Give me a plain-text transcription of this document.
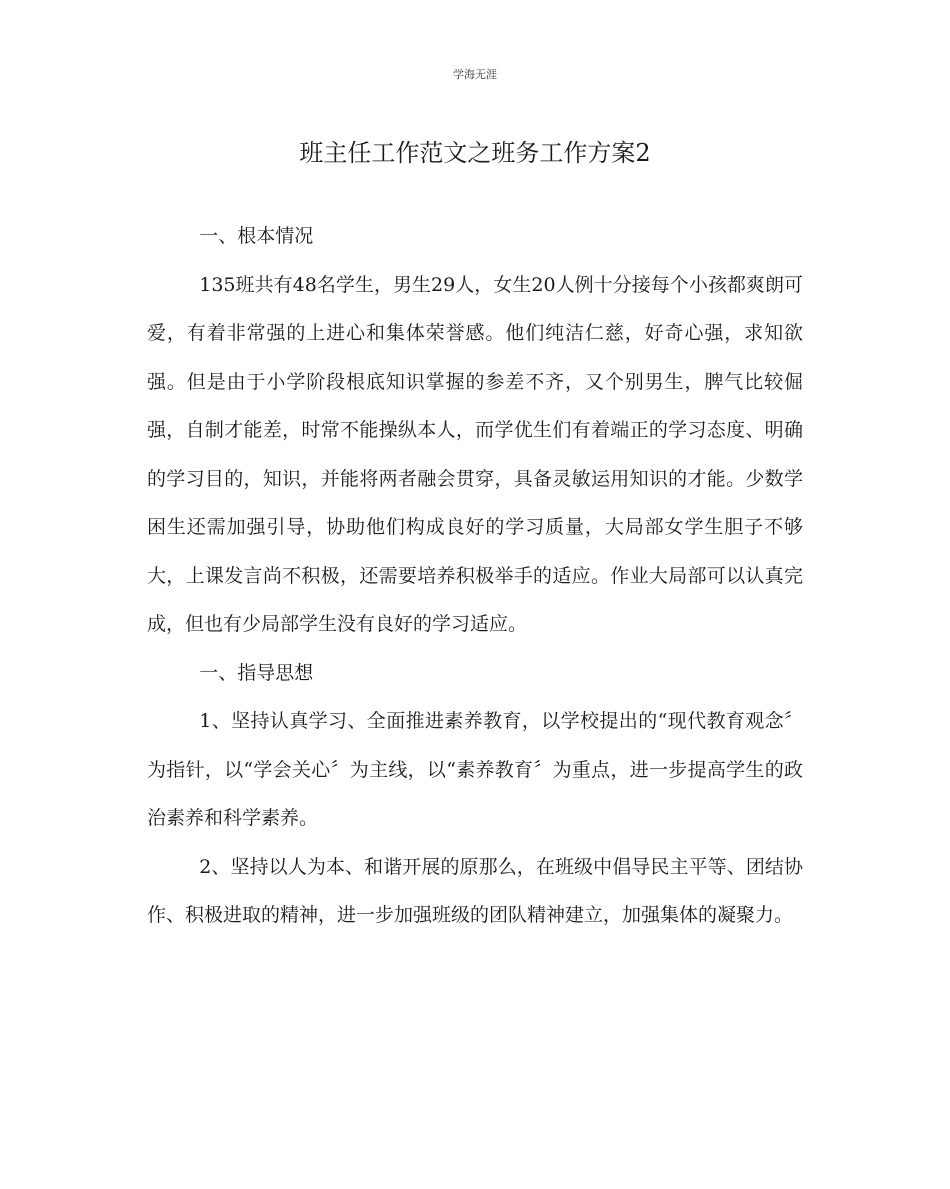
学海无涯
班主任工作范文之班务工作方案2

一、根本情况

135班共有48名学生，男生29人，女生20人例十分接每个小孩都爽朗可爱，有着非常强的上进心和集体荣誉感。他们纯洁仁慈，好奇心强，求知欲强。但是由于小学阶段根底知识掌握的参差不齐，又个别男生，脾气比较倔强，自制才能差，时常不能操纵本人，而学优生们有着端正的学习态度、明确的学习目的，知识，并能将两者融会贯穿，具备灵敏运用知识的才能。少数学困生还需加强引导，协助他们构成良好的学习质量，大局部女学生胆子不够大，上课发言尚不积极，还需要培养积极举手的适应。作业大局部可以认真完成，但也有少局部学生没有良好的学习适应。

一、指导思想

1、坚持认真学习、全面推进素养教育，以学校提出的“现代教育观念〞为指针，以“学会关心〞为主线，以“素养教育〞为重点，进一步提高学生的政治素养和科学素养。

2、坚持以人为本、和谐开展的原那么，在班级中倡导民主平等、团结协作、积极进取的精神，进一步加强班级的团队精神建立，加强集体的凝聚力。
